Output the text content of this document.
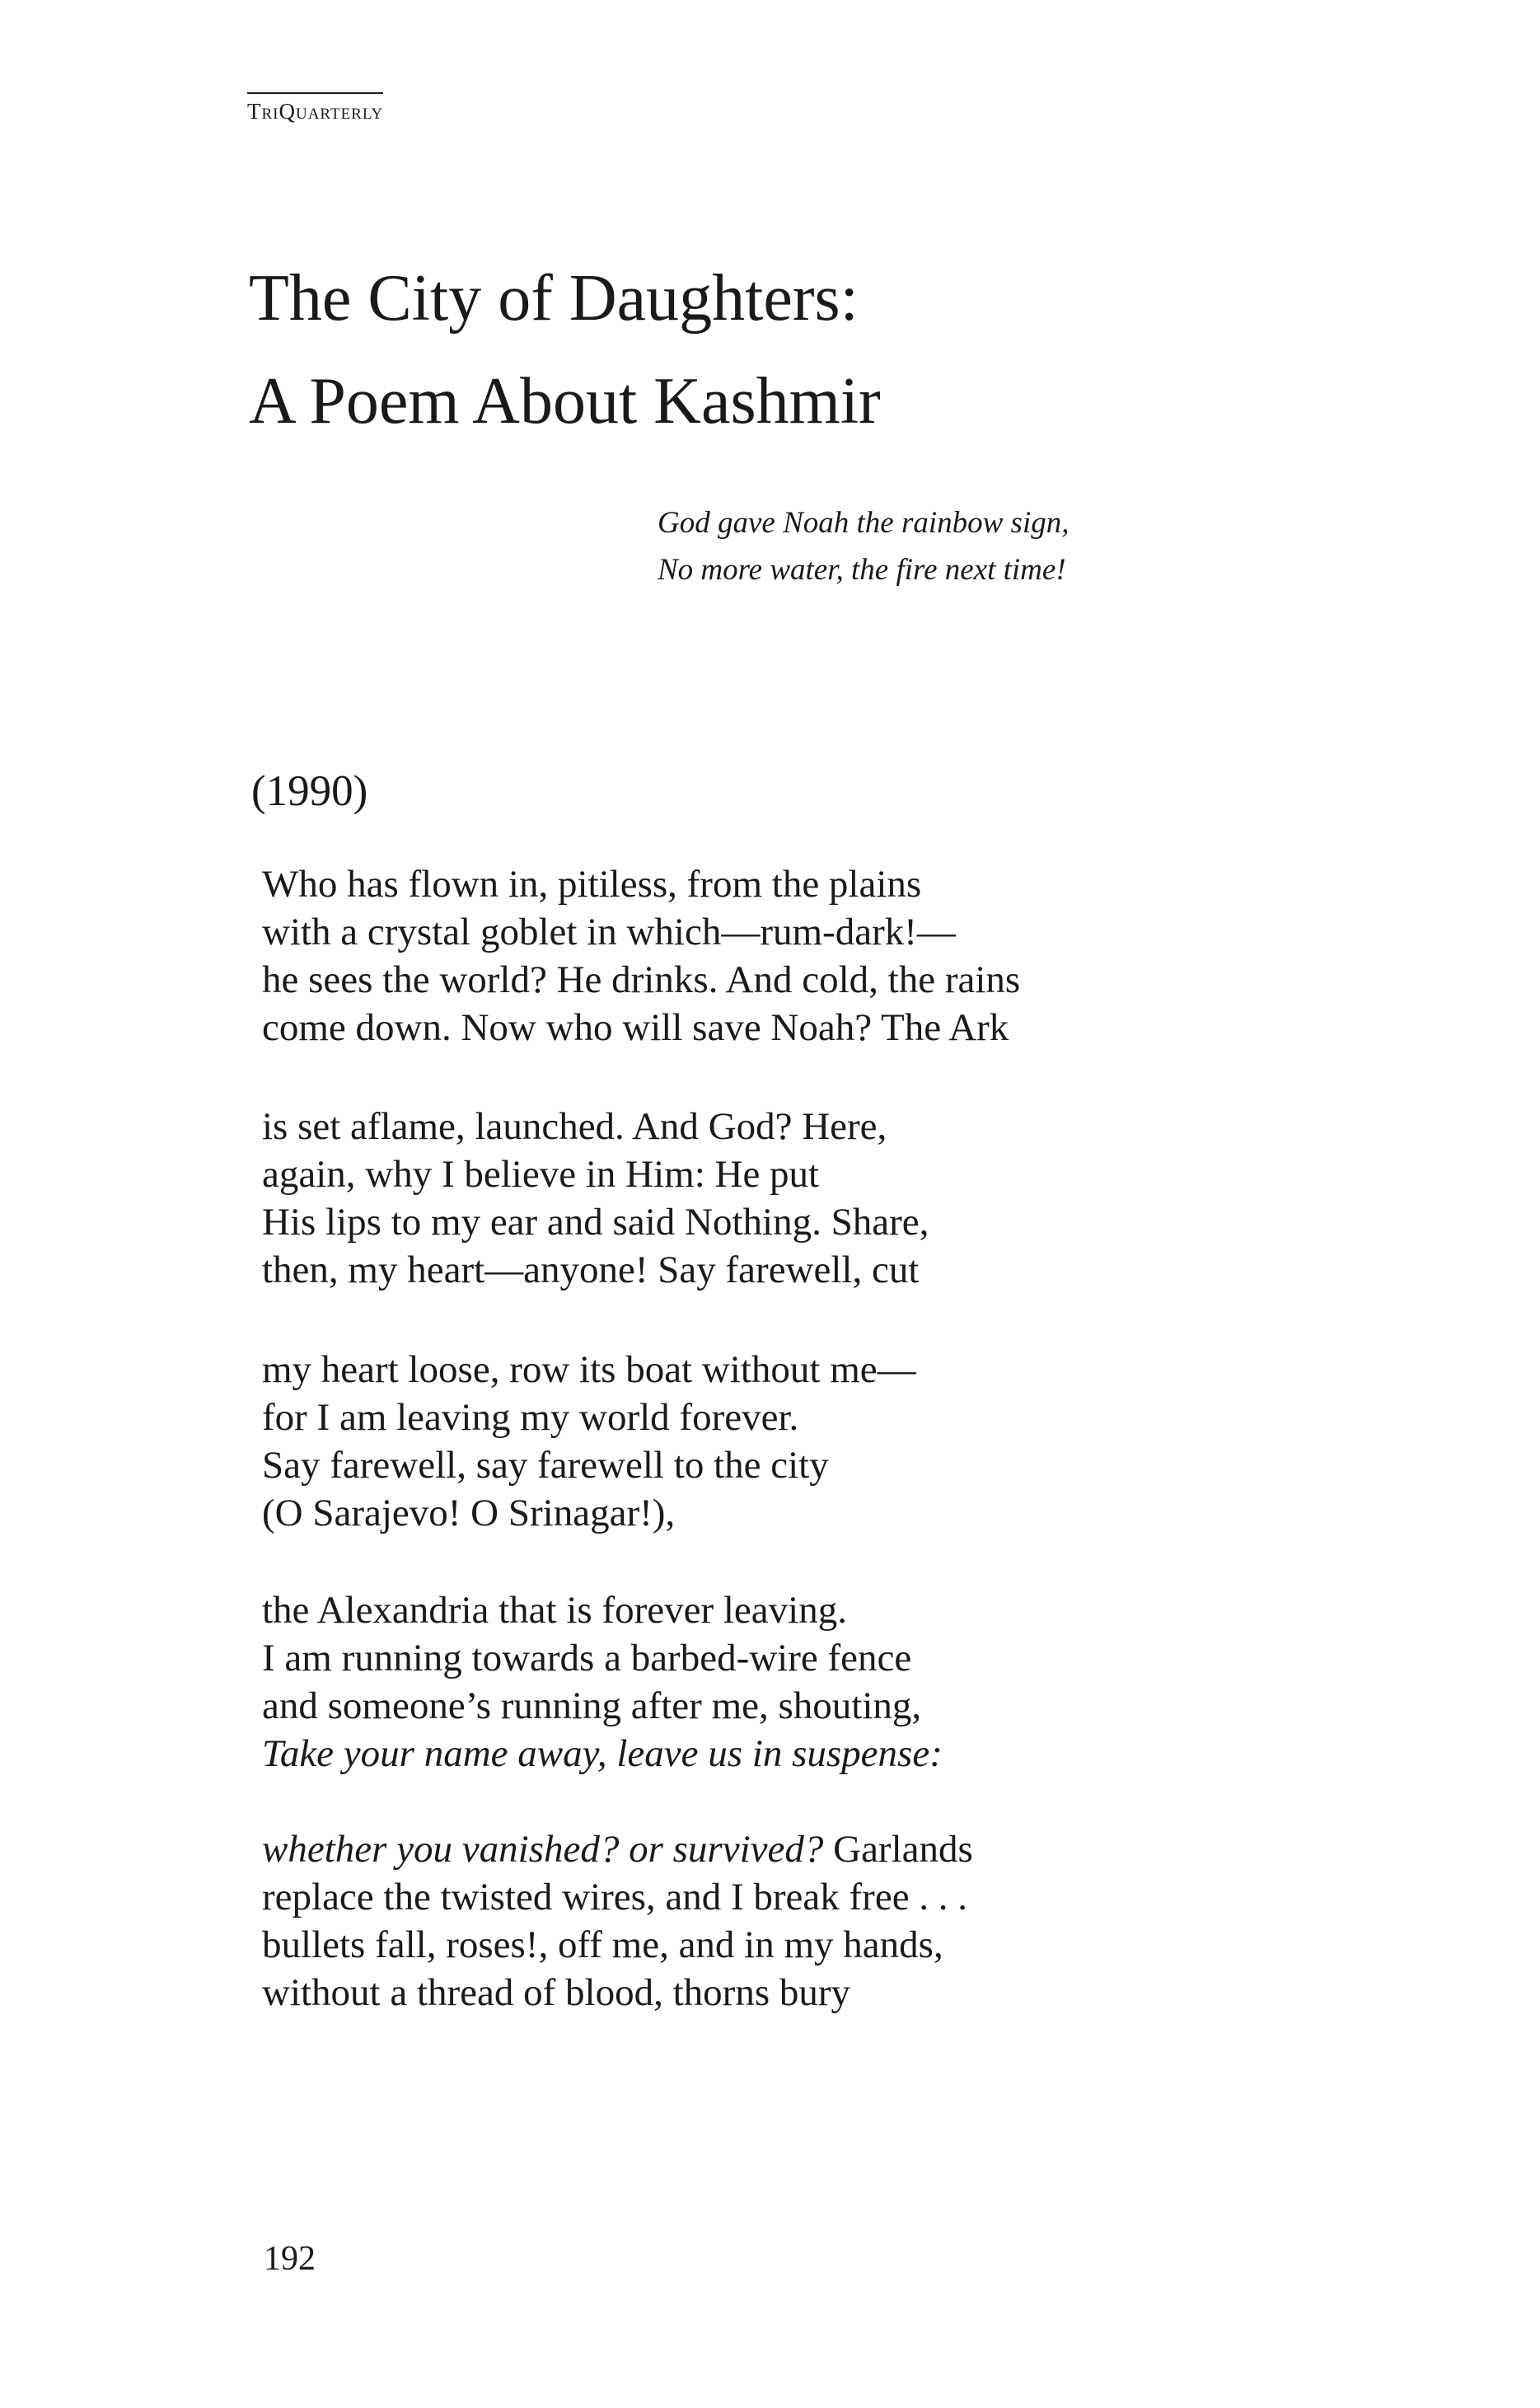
TriQuarterly
The City of Daughters:
A Poem About Kashmir
God gave Noah the rainbow sign,
No more water, the fire next time!
(1990)
Who has flown in, pitiless, from the plains
with a crystal goblet in which—rum-dark!—
he sees the world? He drinks. And cold, the rains
come down. Now who will save Noah? The Ark
is set aflame, launched. And God? Here,
again, why I believe in Him: He put
His lips to my ear and said Nothing. Share,
then, my heart—anyone! Say farewell, cut
my heart loose, row its boat without me—
for I am leaving my world forever.
Say farewell, say farewell to the city
(O Sarajevo! O Srinagar!),
the Alexandria that is forever leaving.
I am running towards a barbed-wire fence
and someone’s running after me, shouting,
Take your name away, leave us in suspense:
whether you vanished? or survived? Garlands
replace the twisted wires, and I break free . . .
bullets fall, roses!, off me, and in my hands,
without a thread of blood, thorns bury
192
